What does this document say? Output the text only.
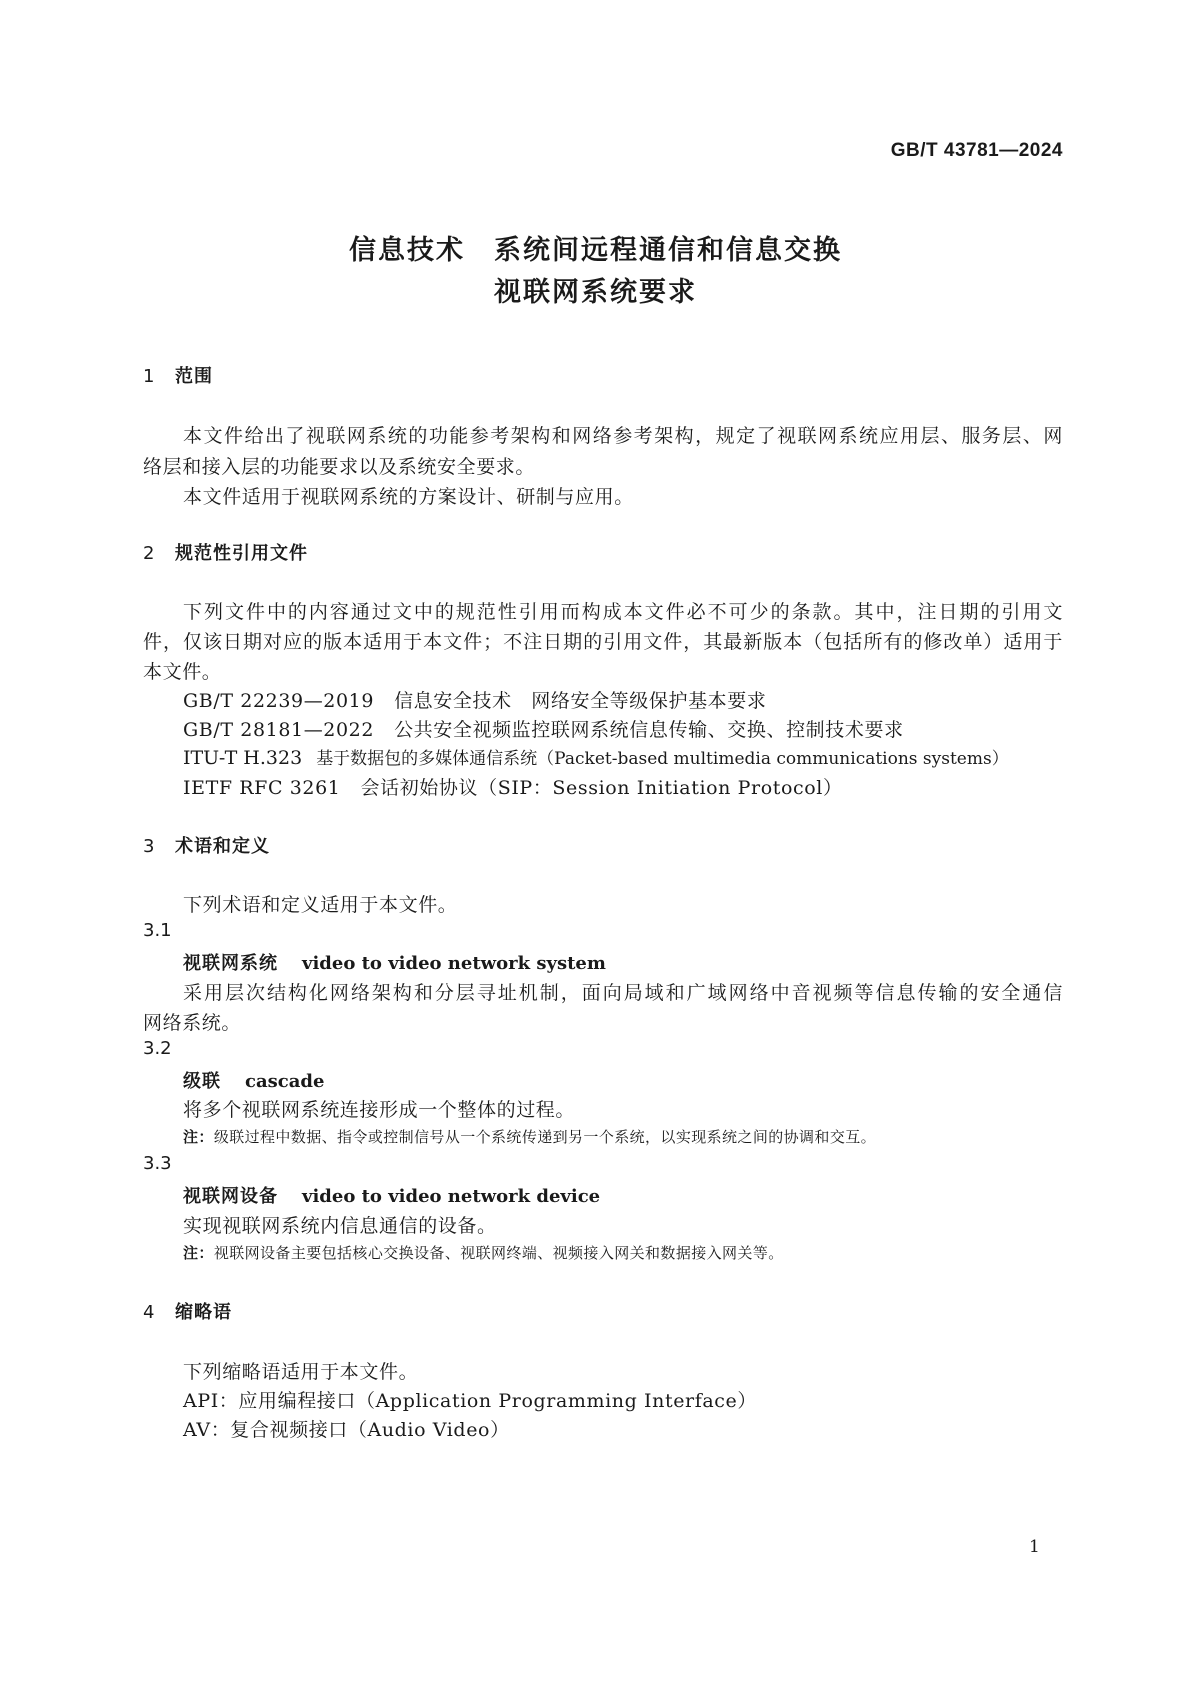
GB/T 43781—2024
信息技术　系统间远程通信和信息交换
视联网系统要求
1 范围
本文件给出了视联网系统的功能参考架构和网络参考架构，规定了视联网系统应用层、服务层、网
络层和接入层的功能要求以及系统安全要求。
本文件适用于视联网系统的方案设计、研制与应用。
2 规范性引用文件
下列文件中的内容通过文中的规范性引用而构成本文件必不可少的条款。其中，注日期的引用文
件，仅该日期对应的版本适用于本文件；不注日期的引用文件，其最新版本（包括所有的修改单）适用于
本文件。
GB/T 22239—2019 信息安全技术　网络安全等级保护基本要求
GB/T 28181—2022 公共安全视频监控联网系统信息传输、交换、控制技术要求
ITU-T H.323 基于数据包的多媒体通信系统（Packet-based multimedia communications systems）
IETF RFC 3261 会话初始协议（SIP：Session Initiation Protocol）
3 术语和定义
下列术语和定义适用于本文件。
3.1
视联网系统 video to video network system
采用层次结构化网络架构和分层寻址机制，面向局域和广域网络中音视频等信息传输的安全通信
网络系统。
3.2
级联 cascade
将多个视联网系统连接形成一个整体的过程。
注：级联过程中数据、指令或控制信号从一个系统传递到另一个系统，以实现系统之间的协调和交互。
3.3
视联网设备 video to video network device
实现视联网系统内信息通信的设备。
注：视联网设备主要包括核心交换设备、视联网终端、视频接入网关和数据接入网关等。
4 缩略语
下列缩略语适用于本文件。
API：应用编程接口（Application Programming Interface）
AV：复合视频接口（Audio Video）
1
